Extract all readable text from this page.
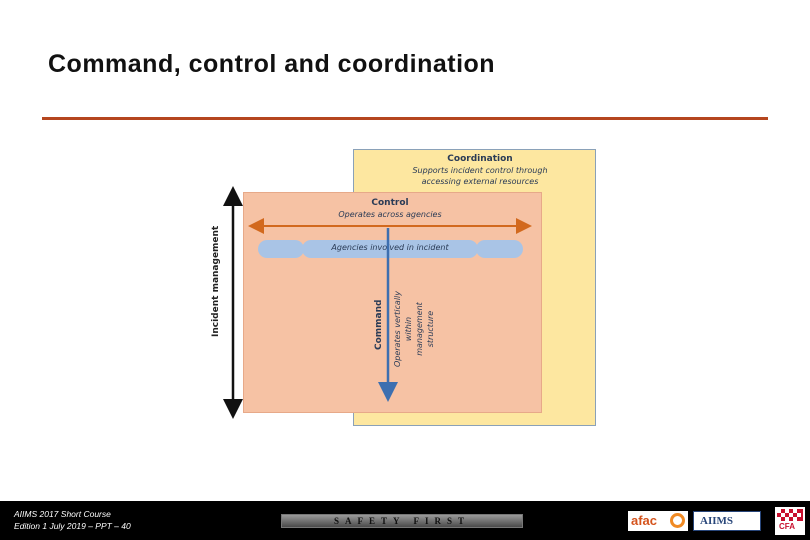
Command, control and coordination
Coordination
Supports incident control through
accessing external resources
Control
Operates across agencies
Agencies involved in incident
Incident management	Command Operates vertically within management structure
AIIMS 2017 Short Course
Edition 1 July 2019 – PPT – 40	SAFETY FIRST	afac	AIIMS	CFA
